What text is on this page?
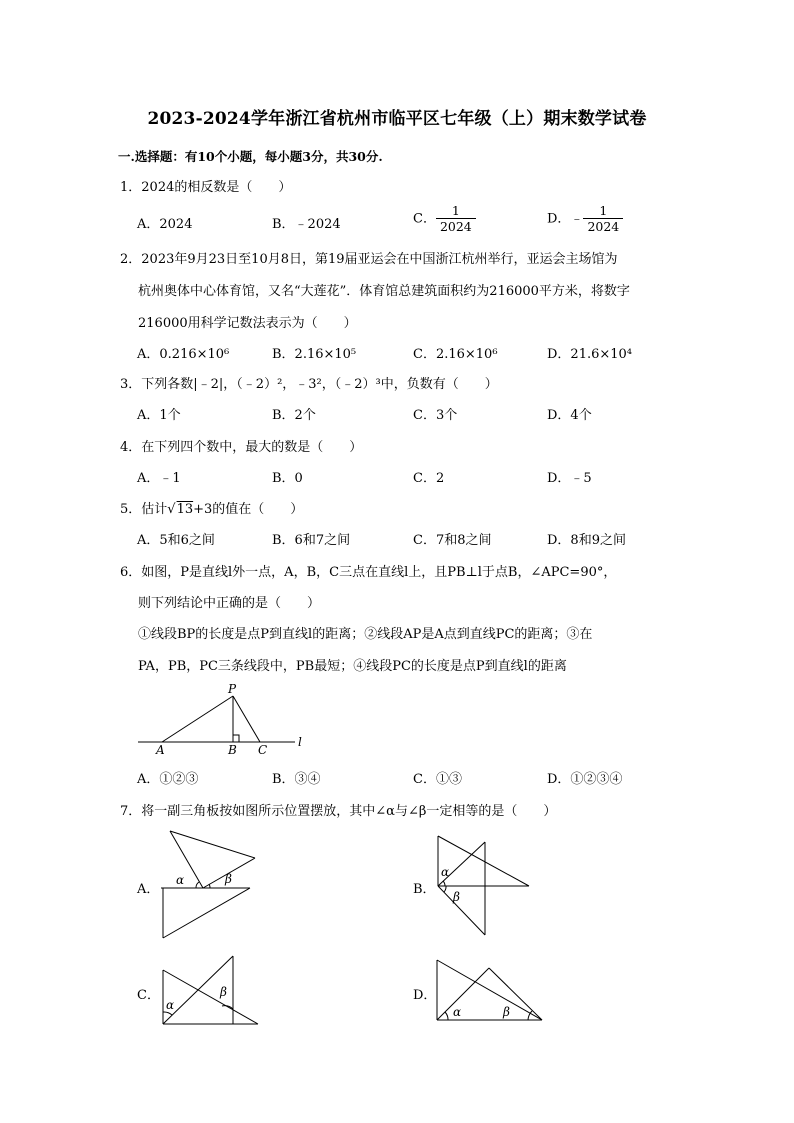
2023-2024学年浙江省杭州市临平区七年级（上）期末数学试卷
一.选择题：有10个小题，每小题3分，共30分.
1．2024的相反数是（　　）
A．2024	B．﹣2024	C． $\frac{1}{2024}$	D．﹣ $\frac{1}{2024}$
2．2023年9月23日至10月8日，第19届亚运会在中国浙江杭州举行，亚运会主场馆为
杭州奥体中心体育馆，又名“大莲花”．体育馆总建筑面积约为216000平方米，将数字
216000用科学记数法表示为（　　）
A．0.216×10⁶	B．2.16×10⁵	C．2.16×10⁶	D．21.6×10⁴
3．下列各数|﹣2|，（﹣2）²，﹣3²，（﹣2）³中，负数有（　　）
A．1个	B．2个	C．3个	D．4个
4．在下列四个数中，最大的数是（　　）
A．﹣1	B．0	C．2	D．﹣5
5．估计√13+3的值在（　　）
A．5和6之间	B．6和7之间	C．7和8之间	D．8和9之间
6．如图，P是直线l外一点，A，B，C三点在直线l上，且PB⊥l于点B，∠APC=90°，
则下列结论中正确的是（　　）
①线段BP的长度是点P到直线l的距离；②线段AP是A点到直线PC的距离；③在
PA，PB，PC三条线段中，PB最短；④线段PC的长度是点P到直线l的距离
P
A	B C
l
A．①②③	B．③④	C．①③	D．①②③④
7．将一副三角板按如图所示位置摆放，其中∠α与∠β一定相等的是（　　）
A．
α	β
B．
α
β
C．
α
β	D．
α	β
